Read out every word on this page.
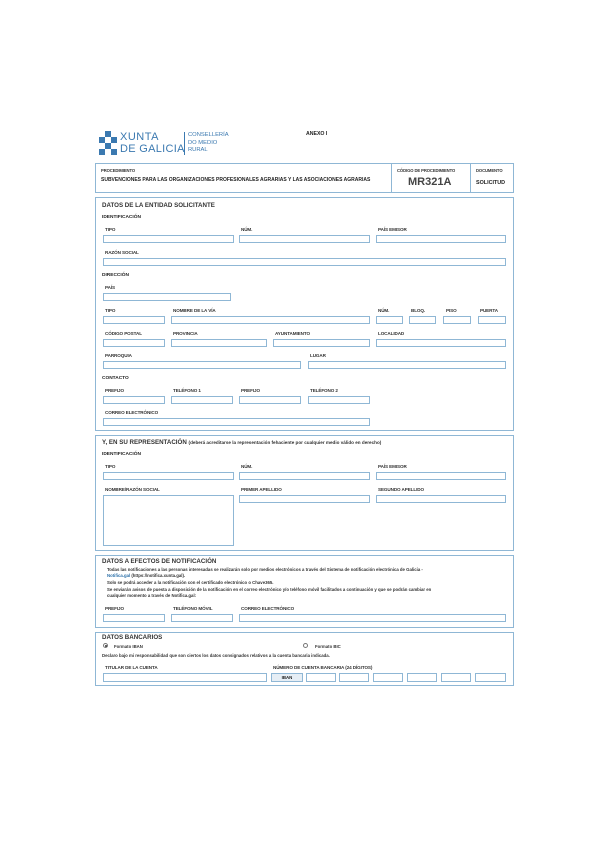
XUNTA
DE GALICIA
CONSELLERÍA
DO MEDIO
RURAL
ANEXO I
PROCEDIMIENTO
SUBVENCIONES PARA LAS ORGANIZACIONES PROFESIONALES AGRARIAS Y LAS ASOCIACIONES AGRARIAS
CÓDIGO DE PROCEDIMIENTO
MR321A
DOCUMENTO
SOLICITUD
DATOS DE LA ENTIDAD SOLICITANTE
IDENTIFICACIÓN
TIPO	NÚM.	PAÍS EMISOR
RAZÓN SOCIAL
DIRECCIÓN
PAÍS
TIPO	NOMBRE DE LA VÍA	NÚM.	BLOQ.	PISO	PUERTA
CÓDIGO POSTAL	PROVINCIA	AYUNTAMIENTO	LOCALIDAD
PARROQUIA	LUGAR
CONTACTO
PREFIJO	TELÉFONO 1	PREFIJO	TELÉFONO 2
CORREO ELECTRÓNICO
Y, EN SU REPRESENTACIÓN (deberá acreditarse la representación fehaciente por cualquier medio válido en derecho)
IDENTIFICACIÓN
TIPO	NÚM.	PAÍS EMISOR
NOMBRE/RAZÓN SOCIAL	PRIMER APELLIDO	SEGUNDO APELLIDO
DATOS A EFECTOS DE NOTIFICACIÓN
Todas las notificaciones a las personas interesadas se realizarán solo por medios electrónicos a través del Sistema de notificación electrónica de Galicia -
Notifica.gal (https://notifica.xunta.gal).
Solo se podrá acceder a la notificación con el certificado electrónico o Chave365.
Se enviarán avisos de puesta a disposición de la notificación en el correo electrónico y/o teléfono móvil facilitados a continuación y que se podrán cambiar en
cualquier momento a través de Notifica.gal:
PREFIJO	TELÉFONO MÓVIL	CORREO ELECTRÓNICO
DATOS BANCARIOS
Formato IBAN	Formato BIC
Declaro bajo mi responsabilidad que son ciertos los datos consignados relativos a la cuenta bancaria indicada.
TITULAR DE LA CUENTA	NÚMERO DE CUENTA BANCARIA (24 DÍGITOS)
IBAN
